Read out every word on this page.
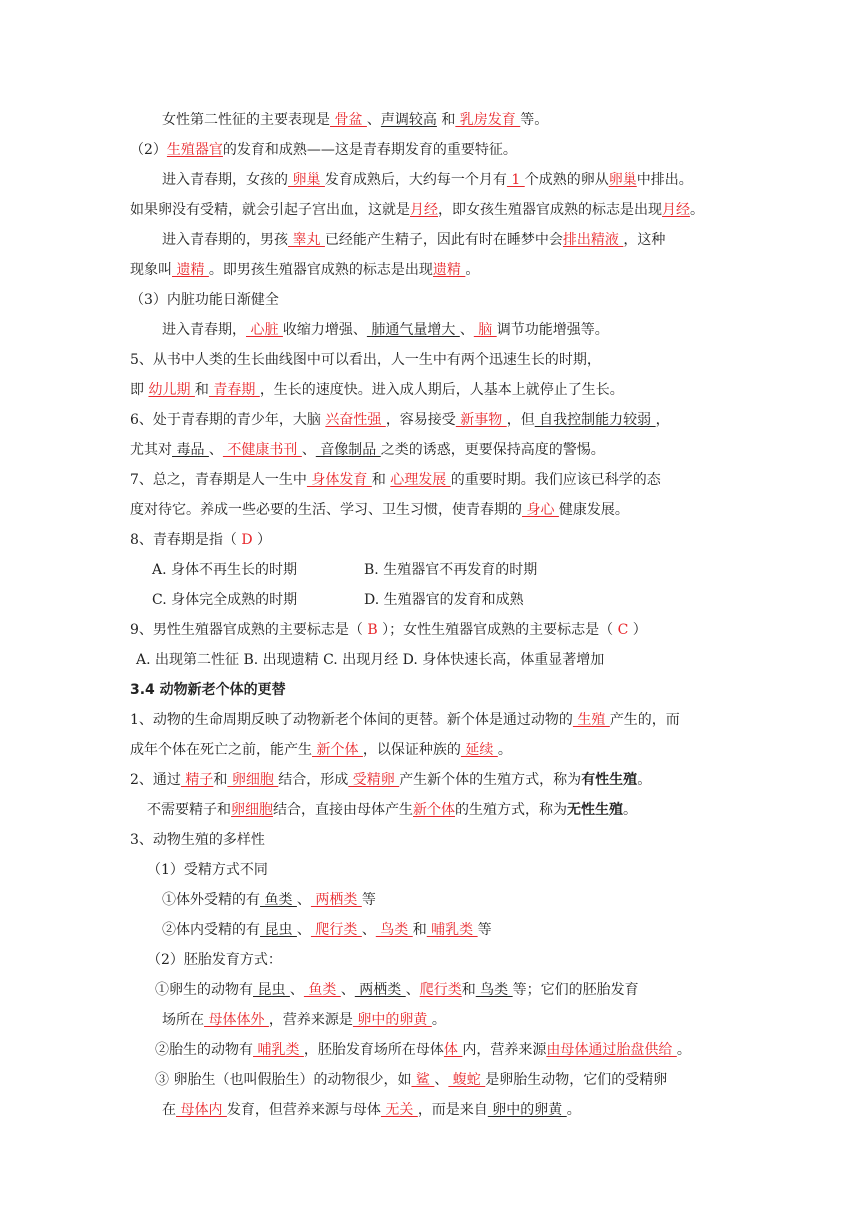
女性第二性征的主要表现是 骨盆 、声调较高 和 乳房发育 等。
（2）生殖器官的发育和成熟——这是青春期发育的重要特征。
进入青春期，女孩的 卵巢 发育成熟后，大约每一个月有 1 个成熟的卵从卵巢中排出。
如果卵没有受精，就会引起子宫出血，这就是月经，即女孩生殖器官成熟的标志是出现月经。
进入青春期的，男孩 睾丸 已经能产生精子，因此有时在睡梦中会排出精液 ，这种
现象叫 遗精 。即男孩生殖器官成熟的标志是出现遗精 。
（3）内脏功能日渐健全
进入青春期， 心脏 收缩力增强、 肺通气量增大 、 脑 调节功能增强等。
5、从书中人类的生长曲线图中可以看出，人一生中有两个迅速生长的时期，
即 幼儿期 和 青春期 ，生长的速度快。进入成人期后，人基本上就停止了生长。
6、处于青春期的青少年，大脑 兴奋性强 ，容易接受 新事物 ，但 自我控制能力较弱 ，
尤其对 毒品 、 不健康书刊 、 音像制品 之类的诱惑，更要保持高度的警惕。
7、总之，青春期是人一生中 身体发育 和 心理发展 的重要时期。我们应该已科学的态
度对待它。养成一些必要的生活、学习、卫生习惯，使青春期的 身心 健康发展。
8、青春期是指（ D ）
A. 身体不再生长的时期	B. 生殖器官不再发育的时期
C. 身体完全成熟的时期	D. 生殖器官的发育和成熟
9、男性生殖器官成熟的主要标志是（ B ）；女性生殖器官成熟的主要标志是（ C ）
A. 出现第二性征 B. 出现遗精 C. 出现月经 D. 身体快速长高，体重显著增加
3.4 动物新老个体的更替
1、动物的生命周期反映了动物新老个体间的更替。新个体是通过动物的 生殖 产生的，而
成年个体在死亡之前，能产生 新个体 ，以保证种族的 延续 。
2、通过 精子和 卵细胞 结合，形成 受精卵 产生新个体的生殖方式，称为有性生殖。
不需要精子和卵细胞结合，直接由母体产生新个体的生殖方式，称为无性生殖。
3、动物生殖的多样性
（1）受精方式不同
①体外受精的有 鱼类 、 两栖类 等
②体内受精的有 昆虫 、 爬行类 、 鸟类 和 哺乳类 等
（2）胚胎发育方式：
①卵生的动物有 昆虫 、 鱼类 、 两栖类 、爬行类和 鸟类 等；它们的胚胎发育
场所在 母体体外 ，营养来源是 卵中的卵黄 。
②胎生的动物有 哺乳类 ，胚胎发育场所在母体体 内，营养来源由母体通过胎盘供给 。
③ 卵胎生（也叫假胎生）的动物很少，如 鲨 、 蝮蛇 是卵胎生动物，它们的受精卵
在 母体内 发育，但营养来源与母体 无关 ，而是来自 卵中的卵黄 。
